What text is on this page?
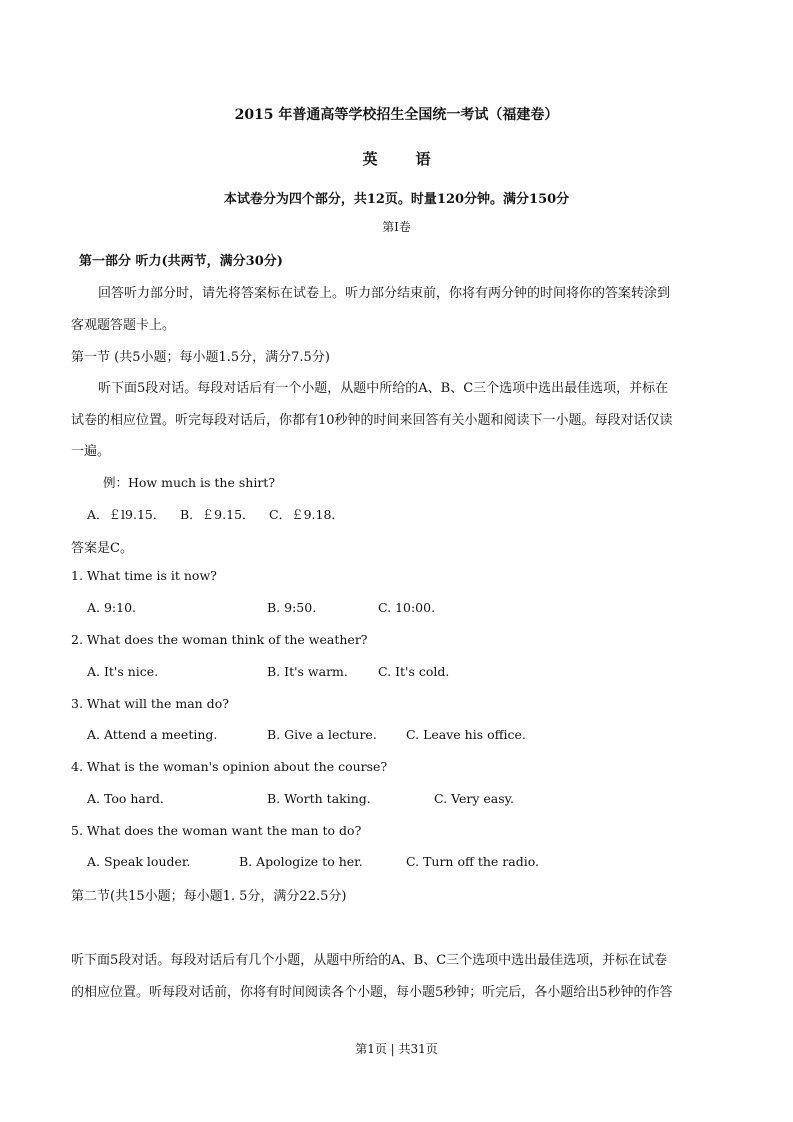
2015 年普通高等学校招生全国统一考试（福建卷）
英	语
本试卷分为四个部分，共12页。时量120分钟。满分150分
第I卷
第一部分 听力(共两节，满分30分)
回答听力部分时，请先将答案标在试卷上。听力部分结束前，你将有两分钟的时间将你的答案转涂到
客观题答题卡上。
第一节 (共5小题；每小题1.5分，满分7.5分)
听下面5段对话。每段对话后有一个小题，从题中所给的A、B、C三个选项中选出最佳选项，并标在
试卷的相应位置。听完每段对话后，你都有10秒钟的时间来回答有关小题和阅读下一小题。每段对话仅读
一遍。
例：How much is the shirt?
A．￡l9.15． B．￡9.15． C．￡9.18．
答案是C。
1. What time is it now?
A. 9:10.	B. 9:50.	C. 10:00.
2. What does the woman think of the weather?
A. It's nice.	B. It's warm. C. It's cold.
3. What will the man do?
A. Attend a meeting.	B. Give a lecture. C. Leave his office.
4. What is the woman's opinion about the course?
A. Too hard.	B. Worth taking.	C. Very easy.
5. What does the woman want the man to do?
A. Speak louder.	B. Apologize to her.	C. Turn off the radio.
第二节(共15小题；每小题1. 5分，满分22.5分)
听下面5段对话。每段对话后有几个小题，从题中所给的A、B、C三个选项中选出最佳选项，并标在试卷
的相应位置。听每段对话前，你将有时间阅读各个小题，每小题5秒钟；听完后，各小题给出5秒钟的作答
第1页 | 共31页
